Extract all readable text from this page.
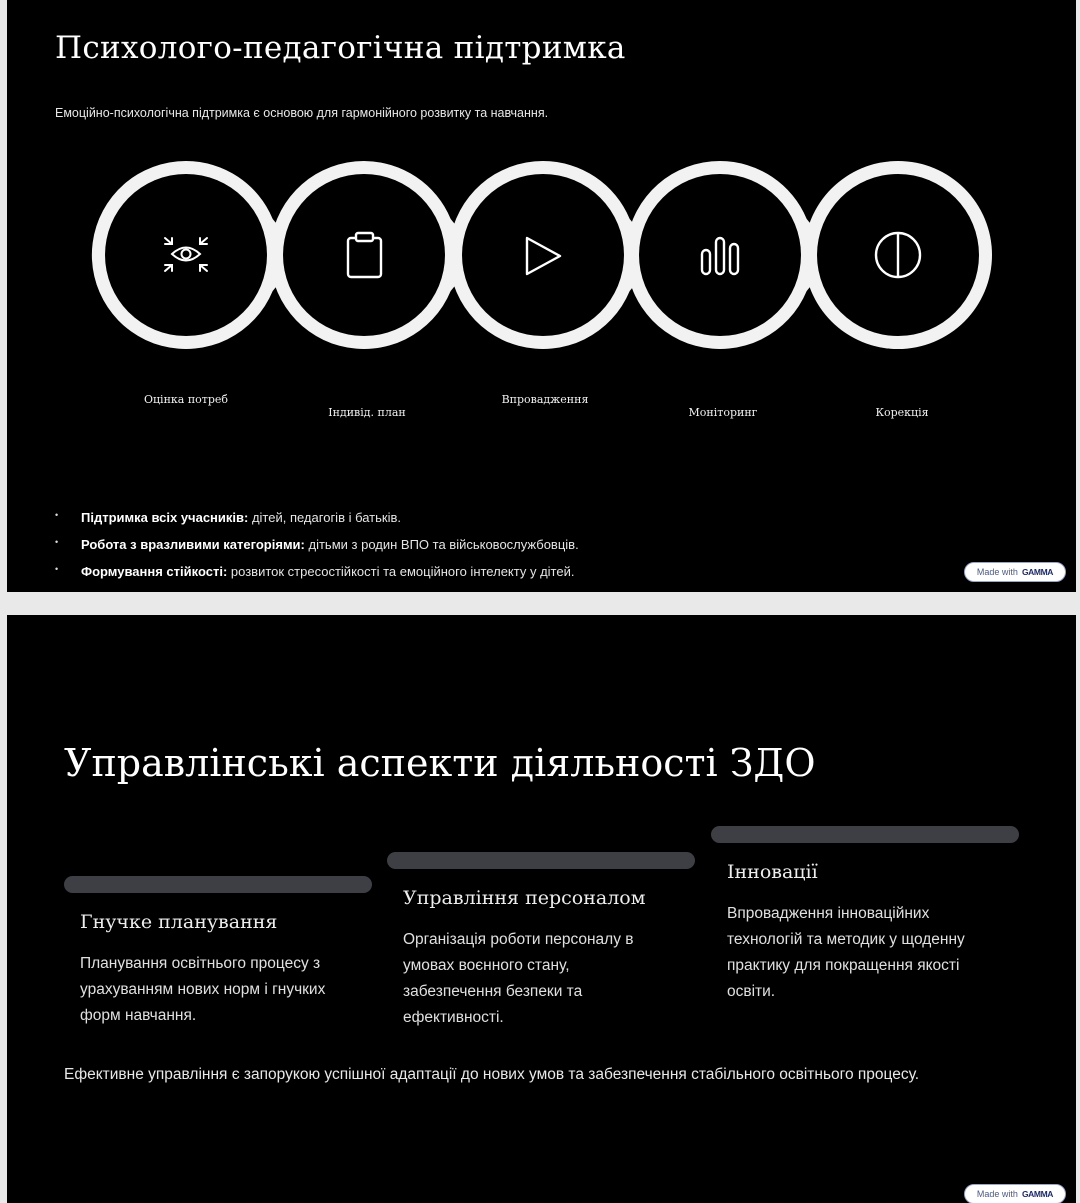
Психолого-педагогічна підтримка
Емоційно-психологічна підтримка є основою для гармонійного розвитку та навчання.
Оцінка потреб
Індивід. план
Впровадження
Моніторинг	Корекція
• Підтримка всіх учасників: дітей, педагогів і батьків.
• Робота з вразливими категоріями: дітьми з родин ВПО та військовослужбовців.
• Формування стійкості: розвиток стресостійкості та емоційного інтелекту у дітей.	Made with GAMMA
Управлінські аспекти діяльності ЗДО
Гнучке планування

Планування освітнього процесу з урахуванням нових норм і гнучких форм навчання.

Управління персоналом

Організація роботи персоналу в умовах воєнного стану, забезпечення безпеки та ефективності.

Інновації

Впровадження інноваційних технологій та методик у щоденну практику для покращення якості освіти.

Ефективне управління є запорукою успішної адаптації до нових умов та забезпечення стабільного освітнього процесу.
Made with GAMMA
